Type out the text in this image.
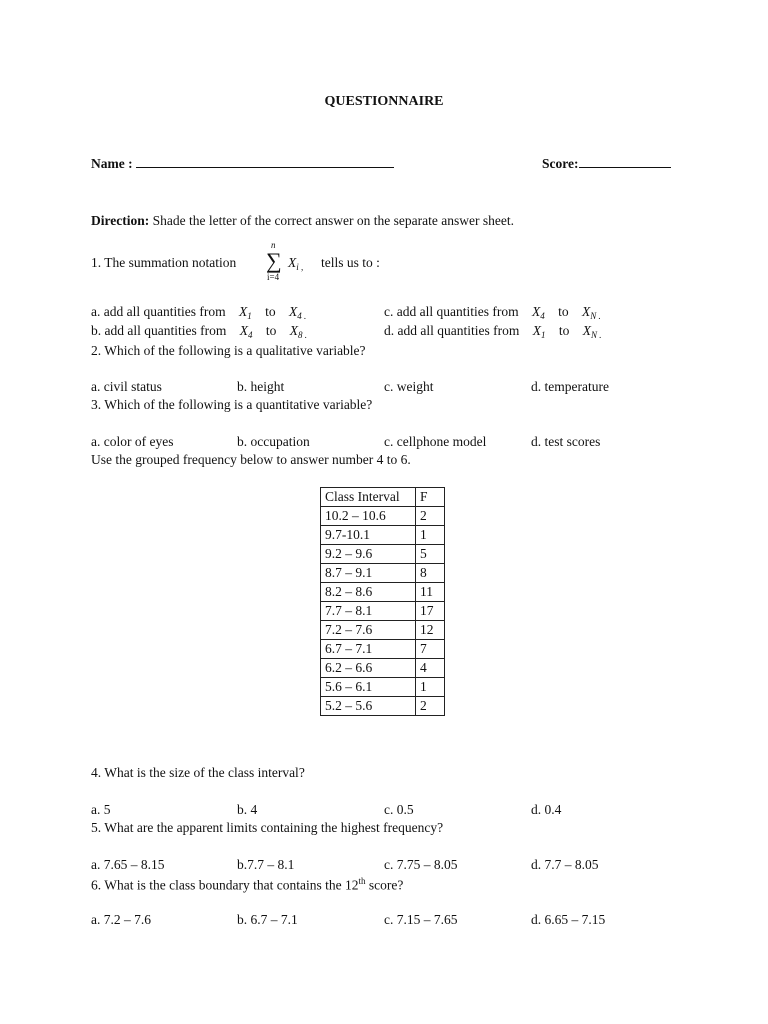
QUESTIONNAIRE
Name :	Score:
Direction: Shade the letter of the correct answer on the separate answer sheet.
1. The summation notation
n
∑
i=4
$X_{i ,}$ tells us to :
a. add all quantities from $X_1$ to $X_{4 .}$
b. add all quantities from $X_4$ to $X_{8 .}$
c. add all quantities from $X_4$ to $X_{N .}$
d. add all quantities from $X_1$ to $X_{N .}$
2. Which of the following is a qualitative variable?
a. civil status	b. height	c. weight	d. temperature
3. Which of the following is a quantitative variable?
a. color of eyes	b. occupation	c. cellphone model	d. test scores
Use the grouped frequency below to answer number 4 to 6.
Class Interval	F
10.2 – 10.6	2
9.7-10.1	1
9.2 – 9.6	5
8.7 – 9.1	8
8.2 – 8.6	11
7.7 – 8.1	17
7.2 – 7.6	12
6.7 – 7.1	7
6.2 – 6.6	4
5.6 – 6.1	1
5.2 – 5.6	2
4. What is the size of the class interval?
a. 5	b. 4	c. 0.5	d. 0.4
5. What are the apparent limits containing the highest frequency?
a. 7.65 – 8.15	b.7.7 – 8.1	c. 7.75 – 8.05	d. 7.7 – 8.05
6. What is the class boundary that contains the 12th score?
a. 7.2 – 7.6	b. 6.7 – 7.1	c. 7.15 – 7.65	d. 6.65 – 7.15
